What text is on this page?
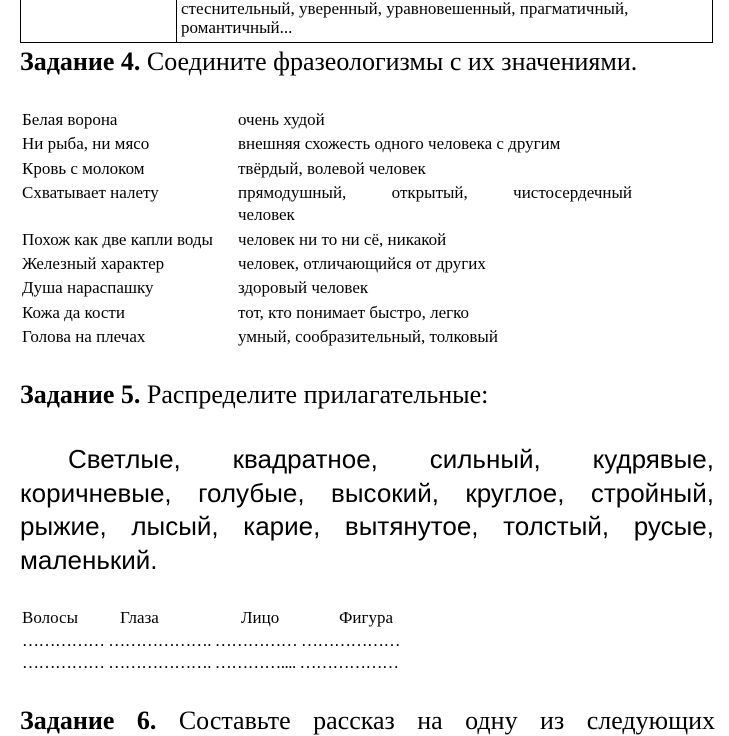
стеснительный, уверенный, уравновешенный, прагматичный, романтичный...
Задание 4. Соедините фразеологизмы с их значениями.
Белая ворона	очень худой
Ни рыба, ни мясо	внешняя схожесть одного человека с другим
Кровь с молоком	твёрдый, волевой человек
Схватывает налету	прямодушный, открытый, чистосердечный
человек
Похож как две капли воды	человек ни то ни сё, никакой
Железный характер	человек, отличающийся от других
Душа нараспашку	здоровый человек
Кожа да кости	тот, кто понимает быстро, легко
Голова на плечах	умный, сообразительный, толковый
Задание 5. Распределите прилагательные:
Светлые, квадратное, сильный, кудрявые, коричневые, голубые, высокий, круглое, стройный, рыжие, лысый, карие, вытянутое, толстый, русые, маленький.
Волосы Глаза	Лицо	Фигура
…………… ………………. …………… ………………
…………… ………………. ………….... ………………
Задание 6. Составьте рассказ на одну из следующих
